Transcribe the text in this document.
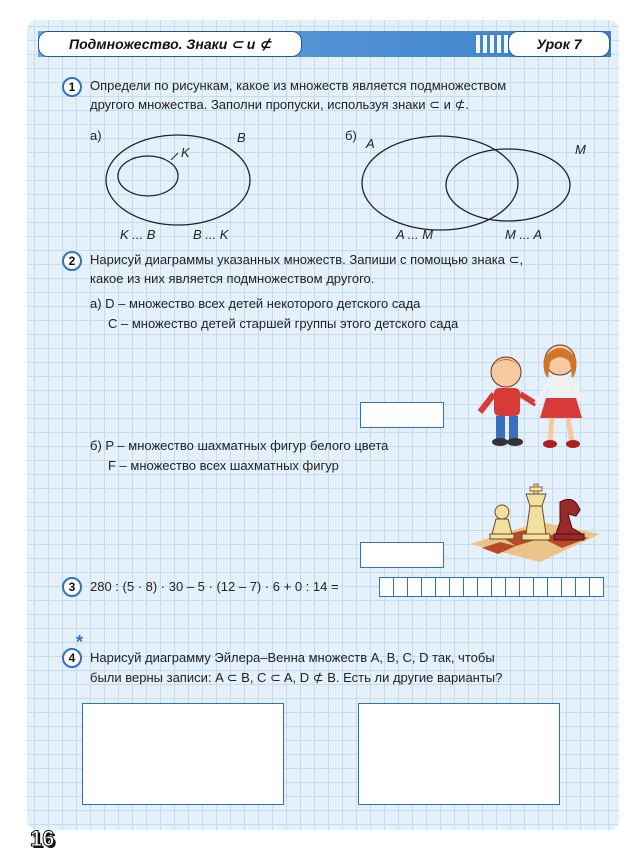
Подмножество. Знаки ⊂ и ⊄	Урок 7
1	Определи по рисункам, какое из множеств является подмножеством
другого множества. Заполни пропуски, используя знаки ⊂ и ⊄.
а)	B
K
K ... B	B ... K
б)
A	M
A ... M	M ... A
2	Нарисуй диаграммы указанных множеств. Запиши с помощью знака ⊂,
какое из них является подмножеством другого.
а) D – множество всех детей некоторого детского сада
C – множество детей старшей группы этого детского сада
б) P – множество шахматных фигур белого цвета
F – множество всех шахматных фигур
3	280 : (5 · 8) · 30 – 5 · (12 – 7) · 6 + 0 : 14 =
4
*
Нарисуй диаграмму Эйлера–Венна множеств A, B, C, D так, чтобы
были верны записи: A ⊂ B, C ⊂ A, D ⊄ B. Есть ли другие варианты?
16
